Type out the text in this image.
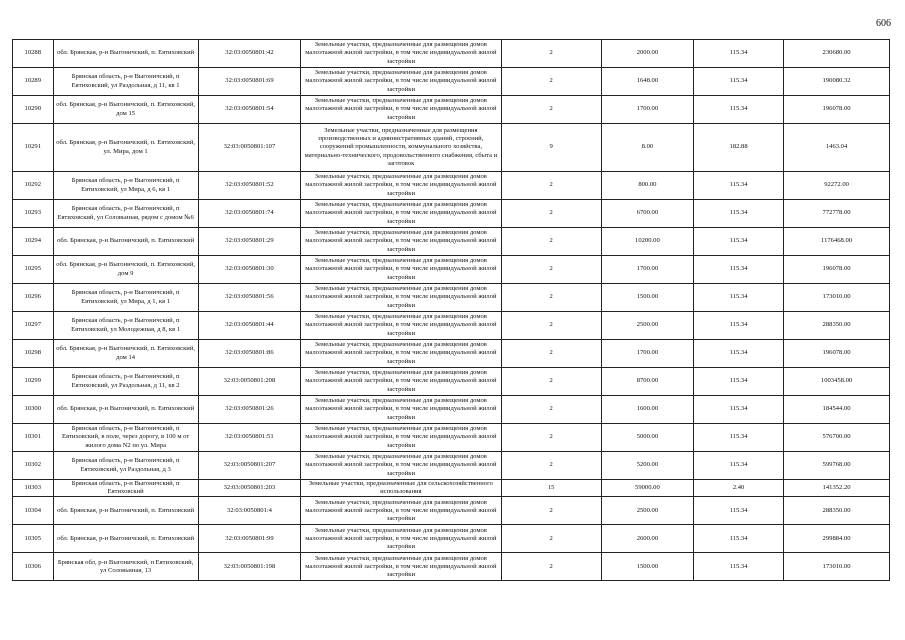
606
10288	обл. Брянская, р-н Выгоничский, п. Еятиховский	32:03:0050801:42	Земельные участки, предназначенные для размещения домов малоэтажной жилой застройки, в том числе индивидуальной жилой застройки	2	2000.00	115.34	230680.00
10289	Брянская область, р-н Выгоничский, п Еятиховский, ул Раздольная, д 11, кв 1	32:03:0050801:69	Земельные участки, предназначенные для размещения домов малоэтажной жилой застройки, в том числе индивидуальной жилой застройки	2	1648.00	115.34	190080.32
10290	обл. Брянская, р-н Выгоничский, п. Еятиховский, дом 15	32:03:0050801:54	Земельные участки, предназначенные для размещения домов малоэтажной жилой застройки, в том числе индивидуальной жилой застройки	2	1700.00	115.34	196078.00
10291	обл. Брянская, р-н Выгоничский, п. Еятиховский, ул. Мира, дом 1	32:03:0050801:107	Земельные участки, предназначенные для размещения производственных и административных зданий, строений, сооружений промышленности, коммунального хозяйства, материально-технического, продовольственного снабжения, сбыта и заготовок	9	8.00	182.88	1463.04
10292	Брянская область, р-н Выгоничский, п Еятиховский, ул Мира, д 6, кв 1	32:03:0050801:52	Земельные участки, предназначенные для размещения домов малоэтажной жилой застройки, в том числе индивидуальной жилой застройки	2	800.00	115.34	92272.00
10293	Брянская область, р-н Выгоничский, п Еятиховский, ул Соловьиная, рядом с домом №6	32:03:0050801:74	Земельные участки, предназначенные для размещения домов малоэтажной жилой застройки, в том числе индивидуальной жилой застройки	2	6700.00	115.34	772778.00
10294	обл. Брянская, р-н Выгоничский, п. Еятиховский	32:03:0050801:29	Земельные участки, предназначенные для размещения домов малоэтажной жилой застройки, в том числе индивидуальной жилой застройки	2	10200.00	115.34	1176468.00
10295	обл. Брянская, р-н Выгоничский, п. Еятиховский, дом 9	32:03:0050801:30	Земельные участки, предназначенные для размещения домов малоэтажной жилой застройки, в том числе индивидуальной жилой застройки	2	1700.00	115.34	196078.00
10296	Брянская область, р-н Выгоничский, п Еятиховский, ул Мира, д 1, кв 1	32:03:0050801:56	Земельные участки, предназначенные для размещения домов малоэтажной жилой застройки, в том числе индивидуальной жилой застройки	2	1500.00	115.34	173010.00
10297	Брянская область, р-н Выгоничский, п Еятиховский, ул Молодежная, д 8, кв 1	32:03:0050801:44	Земельные участки, предназначенные для размещения домов малоэтажной жилой застройки, в том числе индивидуальной жилой застройки	2	2500.00	115.34	288350.00
10298	обл. Брянская, р-н Выгоничский, п. Еятиховский, дом 14	32:03:0050801:86	Земельные участки, предназначенные для размещения домов малоэтажной жилой застройки, в том числе индивидуальной жилой застройки	2	1700.00	115.34	196078.00
10299	Брянская область, р-н Выгоничский, п Еятиховский, ул Раздольная, д 11, кв 2	32:03:0050801:208	Земельные участки, предназначенные для размещения домов малоэтажной жилой застройки, в том числе индивидуальной жилой застройки	2	8700.00	115.34	1003458.00
10300	обл. Брянская, р-н Выгоничский, п. Еятиховский	32:03:0050801:26	Земельные участки, предназначенные для размещения домов малоэтажной жилой застройки, в том числе индивидуальной жилой застройки	2	1600.00	115.34	184544.00
10301	Брянская область, р-н Выгоничский, п Еятиховский, в поле, через дорогу, в 100 м от жилого дома N2 по ул. Мира	32:03:0050801:51	Земельные участки, предназначенные для размещения домов малоэтажной жилой застройки, в том числе индивидуальной жилой застройки	2	5000.00	115.34	576700.00
10302	Брянская область, р-н Выгоничский, п Еятиховский, ул Раздольная, д 3	32:03:0050801:207	Земельные участки, предназначенные для размещения домов малоэтажной жилой застройки, в том числе индивидуальной жилой застройки	2	5200.00	115.34	599768.00
10303	Брянская область, р-н Выгоничский, п Еятиховский	32:03:0050801:203	Земельные участки, предназначенные для сельскохозяйственного использования	15	59000.00	2.40	141352.20
10304	обл. Брянская, р-н Выгоничский, п. Еятиховский	32:03:0050801:4	Земельные участки, предназначенные для размещения домов малоэтажной жилой застройки, в том числе индивидуальной жилой застройки	2	2500.00	115.34	288350.00
10305	обл. Брянская, р-н Выгоничский, п. Еятиховский	32:03:0050801:99	Земельные участки, предназначенные для размещения домов малоэтажной жилой застройки, в том числе индивидуальной жилой застройки	2	2600.00	115.34	299884.00
10306	Брянская обл, р-н Выгоничский, п Еятиховский, ул Соловьиная, 13	32:03:0050801:198	Земельные участки, предназначенные для размещения домов малоэтажной жилой застройки, в том числе индивидуальной жилой застройки	2	1500.00	115.34	173010.00
